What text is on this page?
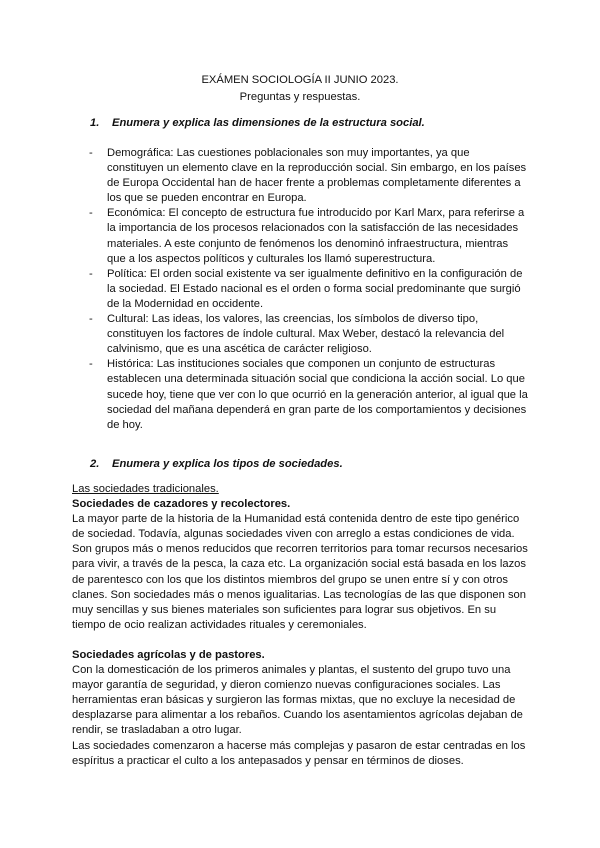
EXÁMEN SOCIOLOGÍA II JUNIO 2023.
Preguntas y respuestas.
1. Enumera y explica las dimensiones de la estructura social.
- Demográfica: Las cuestiones poblacionales son muy importantes, ya que constituyen un elemento clave en la reproducción social. Sin embargo, en los países de Europa Occidental han de hacer frente a problemas completamente diferentes a los que se pueden encontrar en Europa.
- Económica: El concepto de estructura fue introducido por Karl Marx, para referirse a la importancia de los procesos relacionados con la satisfacción de las necesidades materiales. A este conjunto de fenómenos los denominó infraestructura, mientras que a los aspectos políticos y culturales los llamó superestructura.
- Política: El orden social existente va ser igualmente definitivo en la configuración de la sociedad. El Estado nacional es el orden o forma social predominante que surgió de la Modernidad en occidente.
- Cultural: Las ideas, los valores, las creencias, los símbolos de diverso tipo, constituyen los factores de índole cultural. Max Weber, destacó la relevancia del calvinismo, que es una ascética de carácter religioso.
- Histórica: Las instituciones sociales que componen un conjunto de estructuras establecen una determinada situación social que condiciona la acción social. Lo que sucede hoy, tiene que ver con lo que ocurrió en la generación anterior, al igual que la sociedad del mañana dependerá en gran parte de los comportamientos y decisiones de hoy.
2. Enumera y explica los tipos de sociedades.

Las sociedades tradicionales.

Sociedades de cazadores y recolectores.

La mayor parte de la historia de la Humanidad está contenida dentro de este tipo genérico de sociedad. Todavía, algunas sociedades viven con arreglo a estas condiciones de vida. Son grupos más o menos reducidos que recorren territorios para tomar recursos necesarios para vivir, a través de la pesca, la caza etc. La organización social está basada en los lazos de parentesco con los que los distintos miembros del grupo se unen entre sí y con otros clanes. Son sociedades más o menos igualitarias. Las tecnologías de las que disponen son muy sencillas y sus bienes materiales son suficientes para lograr sus objetivos. En su tiempo de ocio realizan actividades rituales y ceremoniales.

Sociedades agrícolas y de pastores.

Con la domesticación de los primeros animales y plantas, el sustento del grupo tuvo una mayor garantía de seguridad, y dieron comienzo nuevas configuraciones sociales. Las herramientas eran básicas y surgieron las formas mixtas, que no excluye la necesidad de desplazarse para alimentar a los rebaños. Cuando los asentamientos agrícolas dejaban de rendir, se trasladaban a otro lugar.

Las sociedades comenzaron a hacerse más complejas y pasaron de estar centradas en los espíritus a practicar el culto a los antepasados y pensar en términos de dioses.
